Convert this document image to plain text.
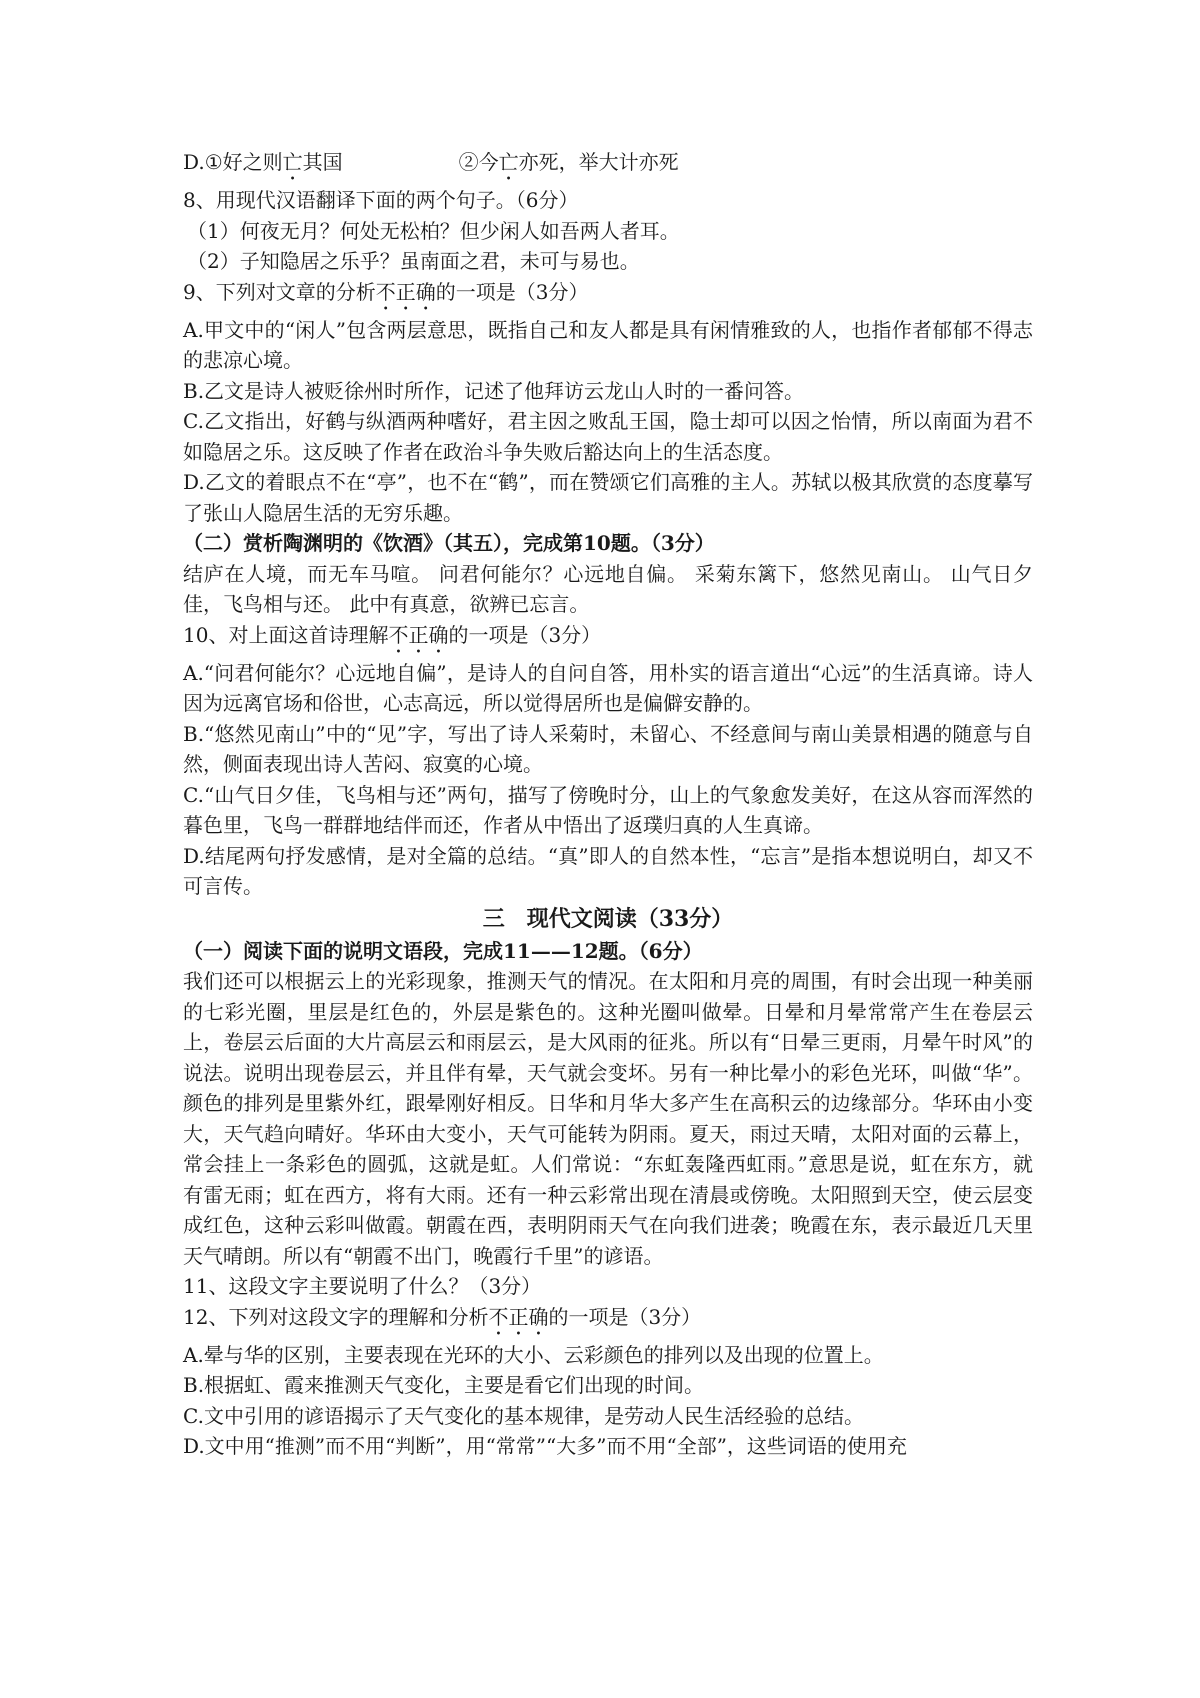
D.①好之则亡其国	②今亡亦死，举大计亦死

8、用现代汉语翻译下面的两个句子。（6分）

（1）何夜无月？何处无松柏？但少闲人如吾两人者耳。

（2）子知隐居之乐乎？虽南面之君，未可与易也。

9、下列对文章的分析不正确的一项是（3分）

A.甲文中的“闲人”包含两层意思，既指自己和友人都是具有闲情雅致的人，也指作者郁郁不得志的悲凉心境。

B.乙文是诗人被贬徐州时所作，记述了他拜访云龙山人时的一番问答。

C.乙文指出，好鹤与纵酒两种嗜好，君主因之败乱王国，隐士却可以因之怡情，所以南面为君不如隐居之乐。这反映了作者在政治斗争失败后豁达向上的生活态度。

D.乙文的着眼点不在“亭”，也不在“鹤”，而在赞颂它们高雅的主人。苏轼以极其欣赏的态度摹写了张山人隐居生活的无穷乐趣。

（二）赏析陶渊明的《饮酒》（其五），完成第10题。（3分）

结庐在人境，而无车马喧。 问君何能尔？心远地自偏。 采菊东篱下，悠然见南山。 山气日夕佳，飞鸟相与还。 此中有真意，欲辨已忘言。

10、对上面这首诗理解不正确的一项是（3分）

A.“问君何能尔？心远地自偏”，是诗人的自问自答，用朴实的语言道出“心远”的生活真谛。诗人因为远离官场和俗世，心志高远，所以觉得居所也是偏僻安静的。

B.“悠然见南山”中的“见”字，写出了诗人采菊时，未留心、不经意间与南山美景相遇的随意与自然，侧面表现出诗人苦闷、寂寞的心境。

C.“山气日夕佳，飞鸟相与还”两句，描写了傍晚时分，山上的气象愈发美好，在这从容而浑然的暮色里，飞鸟一群群地结伴而还，作者从中悟出了返璞归真的人生真谛。

D.结尾两句抒发感情，是对全篇的总结。“真”即人的自然本性，“忘言”是指本想说明白，却又不可言传。

三　现代文阅读（33分）

（一）阅读下面的说明文语段，完成11——12题。（6分）

我们还可以根据云上的光彩现象，推测天气的情况。在太阳和月亮的周围，有时会出现一种美丽的七彩光圈，里层是红色的，外层是紫色的。这种光圈叫做晕。日晕和月晕常常产生在卷层云上，卷层云后面的大片高层云和雨层云，是大风雨的征兆。所以有“日晕三更雨，月晕午时风”的说法。说明出现卷层云，并且伴有晕，天气就会变坏。另有一种比晕小的彩色光环，叫做“华”。颜色的排列是里紫外红，跟晕刚好相反。日华和月华大多产生在高积云的边缘部分。华环由小变大，天气趋向晴好。华环由大变小，天气可能转为阴雨。夏天，雨过天晴，太阳对面的云幕上，常会挂上一条彩色的圆弧，这就是虹。人们常说：“东虹轰隆西虹雨。”意思是说，虹在东方，就有雷无雨；虹在西方，将有大雨。还有一种云彩常出现在清晨或傍晚。太阳照到天空，使云层变成红色，这种云彩叫做霞。朝霞在西，表明阴雨天气在向我们进袭；晚霞在东，表示最近几天里天气晴朗。所以有“朝霞不出门，晚霞行千里”的谚语。

11、这段文字主要说明了什么？（3分）

12、下列对这段文字的理解和分析不正确的一项是（3分）

A.晕与华的区别，主要表现在光环的大小、云彩颜色的排列以及出现的位置上。

B.根据虹、霞来推测天气变化，主要是看它们出现的时间。

C.文中引用的谚语揭示了天气变化的基本规律，是劳动人民生活经验的总结。

D.文中用“推测”而不用“判断”，用“常常”“大多”而不用“全部”，这些词语的使用充
